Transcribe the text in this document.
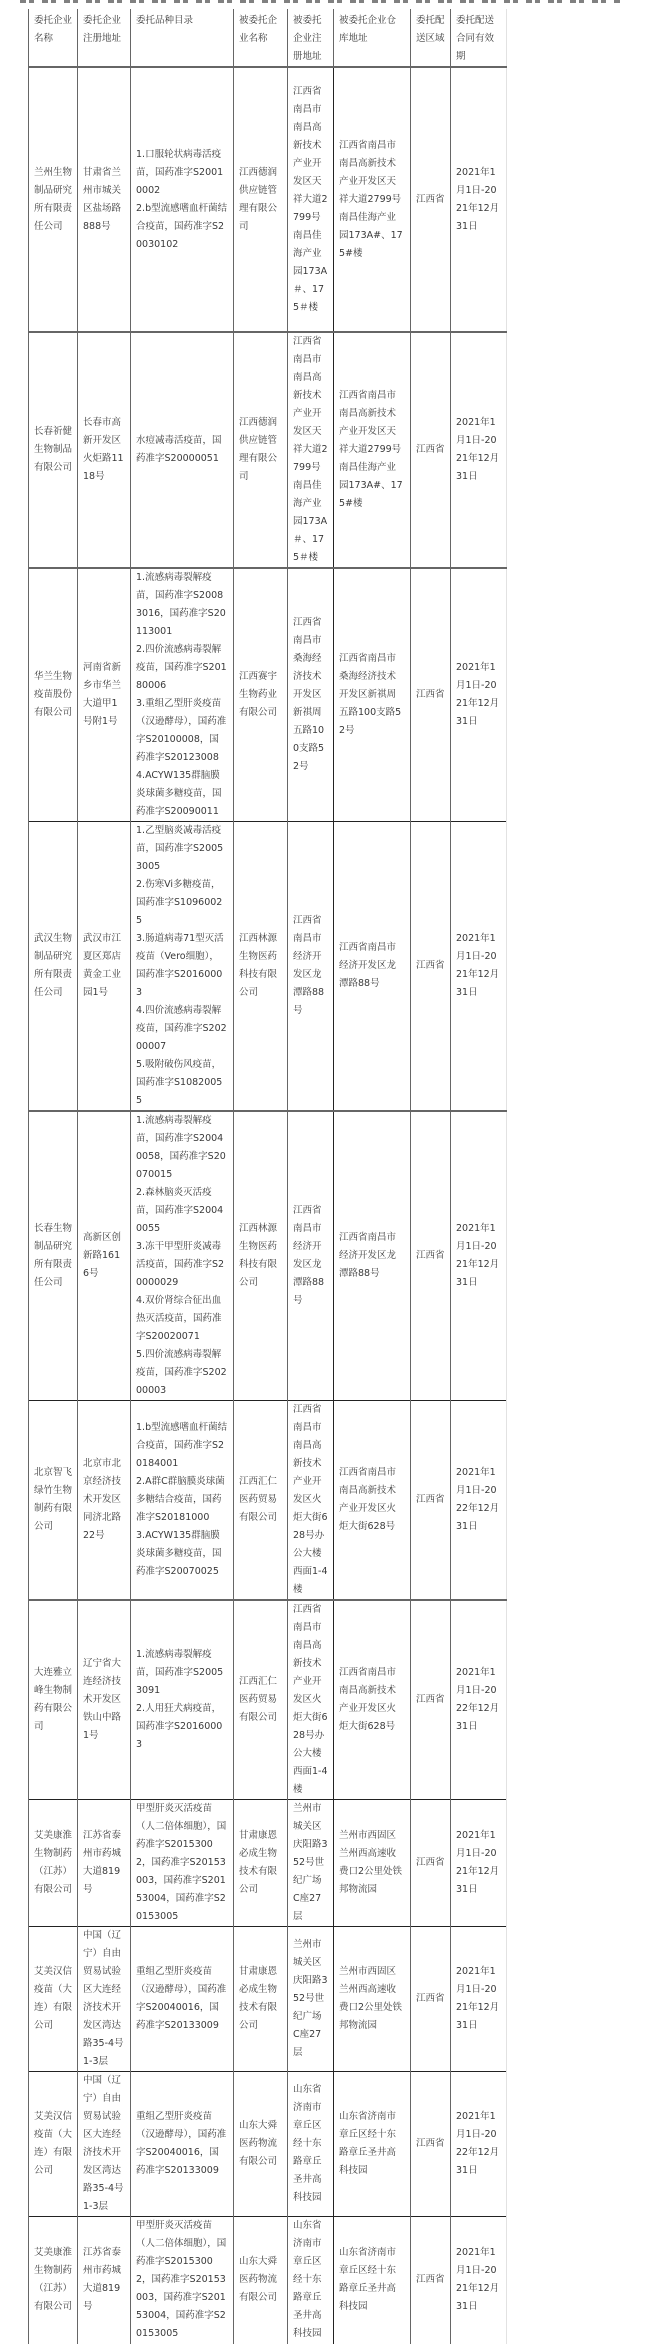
委托企业名称	委托企业注册地址	委托品种目录	被委托企业名称	被委托企业注册地址	被委托企业仓库地址	委托配送区域	委托配送合同有效期
兰州生物制品研究所有限责任公司	甘肃省兰州市城关区盐场路888号	1.口服轮状病毒活疫苗，国药准字S20010002
2.b型流感嗜血杆菌结合疫苗，国药准字S20030102	江西德润供应链管理有限公司	江西省南昌市南昌高新技术产业开发区天祥大道2799号南昌佳海产业园173A＃、175＃楼	江西省南昌市南昌高新技术产业开发区天祥大道2799号南昌佳海产业园173A#、175#楼	江西省	2021年1月1日-2021年12月31日
长春祈健生物制品有限公司	长春市高新开发区火炬路1118号	水痘减毒活疫苗，国药准字S20000051	江西德润供应链管理有限公司	江西省南昌市南昌高新技术产业开发区天祥大道2799号南昌佳海产业园173A＃、175＃楼	江西省南昌市南昌高新技术产业开发区天祥大道2799号南昌佳海产业园173A#、175#楼	江西省	2021年1月1日-2021年12月31日
华兰生物疫苗股份有限公司	河南省新乡市华兰大道甲1号附1号	1.流感病毒裂解疫苗，国药准字S20083016，国药准字S20113001
2.四价流感病毒裂解疫苗，国药准字S20180006
3.重组乙型肝炎疫苗（汉逊酵母），国药准字S20100008，国药准字S20123008
4.ACYW135群脑膜炎球菌多糖疫苗，国药准字S20090011	江西赛宇生物药业有限公司	江西省南昌市桑海经济技术开发区新祺周五路100支路52号	江西省南昌市桑海经济技术开发区新祺周五路100支路52号	江西省	2021年1月1日-2021年12月31日
武汉生物制品研究所有限责任公司	武汉市江夏区郑店黄金工业园1号	1.乙型脑炎减毒活疫苗，国药准字S20053005
2.伤寒Vi多糖疫苗，国药准字S10960025
3.肠道病毒71型灭活疫苗（Vero细胞），国药准字S20160003
4.四价流感病毒裂解疫苗，国药准字S20200007
5.吸附破伤风疫苗，国药准字S10820055	江西林源生物医药科技有限公司	江西省南昌市经济开发区龙潭路88号	江西省南昌市经济开发区龙潭路88号	江西省	2021年1月1日-2021年12月31日
长春生物制品研究所有限责任公司	高新区创新路1616号	1.流感病毒裂解疫苗，国药准字S20040058，国药准字S20070015
2.森林脑炎灭活疫苗，国药准字S20040055
3.冻干甲型肝炎减毒活疫苗，国药准字S20000029
4.双价肾综合征出血热灭活疫苗，国药准字S20020071
5.四价流感病毒裂解疫苗，国药准字S20200003	江西林源生物医药科技有限公司	江西省南昌市经济开发区龙潭路88号	江西省南昌市经济开发区龙潭路88号	江西省	2021年1月1日-2021年12月31日
北京智飞绿竹生物制药有限公司	北京市北京经济技术开发区同济北路22号	1.b型流感嗜血杆菌结合疫苗，国药准字S20184001
2.A群C群脑膜炎球菌多糖结合疫苗，国药准字S20181000
3.ACYW135群脑膜炎球菌多糖疫苗，国药准字S20070025	江西汇仁医药贸易有限公司	江西省南昌市南昌高新技术产业开发区火炬大街628号办公大楼西面1-4楼	江西省南昌市南昌高新技术产业开发区火炬大街628号	江西省	2021年1月1日-2022年12月31日
大连雅立峰生物制药有限公司	辽宁省大连经济技术开发区铁山中路1号	1.流感病毒裂解疫苗，国药准字S20053091
2.人用狂犬病疫苗，国药准字S20160003	江西汇仁医药贸易有限公司	江西省南昌市南昌高新技术产业开发区火炬大街628号办公大楼西面1-4楼	江西省南昌市南昌高新技术产业开发区火炬大街628号	江西省	2021年1月1日-2022年12月31日
艾美康淮生物制药（江苏）有限公司	江苏省泰州市药城大道819号	甲型肝炎灭活疫苗（人二倍体细胞），国药准字S20153002，国药准字S20153003，国药准字S20153004，国药准字S20153005	甘肃康恩必成生物技术有限公司	兰州市城关区庆阳路352号世纪广场C座27层	兰州市西固区兰州西高速收费口2公里处铁邦物流园	江西省	2021年1月1日-2021年12月31日
艾美汉信疫苗（大连）有限公司	中国（辽宁）自由贸易试验区大连经济技术开发区湾达路35-4号1-3层	重组乙型肝炎疫苗（汉逊酵母），国药准字S20040016，国药准字S20133009	甘肃康恩必成生物技术有限公司	兰州市城关区庆阳路352号世纪广场C座27层	兰州市西固区兰州西高速收费口2公里处铁邦物流园	江西省	2021年1月1日-2021年12月31日
艾美汉信疫苗（大连）有限公司	中国（辽宁）自由贸易试验区大连经济技术开发区湾达路35-4号1-3层	重组乙型肝炎疫苗（汉逊酵母），国药准字S20040016，国药准字S20133009	山东大舜医药物流有限公司	山东省济南市章丘区经十东路章丘圣井高科技园	山东省济南市章丘区经十东路章丘圣井高科技园	江西省	2021年1月1日-2022年12月31日
艾美康淮生物制药（江苏）有限公司	江苏省泰州市药城大道819号	甲型肝炎灭活疫苗（人二倍体细胞），国药准字S20153002，国药准字S20153003，国药准字S20153004，国药准字S20153005	山东大舜医药物流有限公司	山东省济南市章丘区经十东路章丘圣井高科技园	山东省济南市章丘区经十东路章丘圣井高科技园	江西省	2021年1月1日-2021年12月31日
